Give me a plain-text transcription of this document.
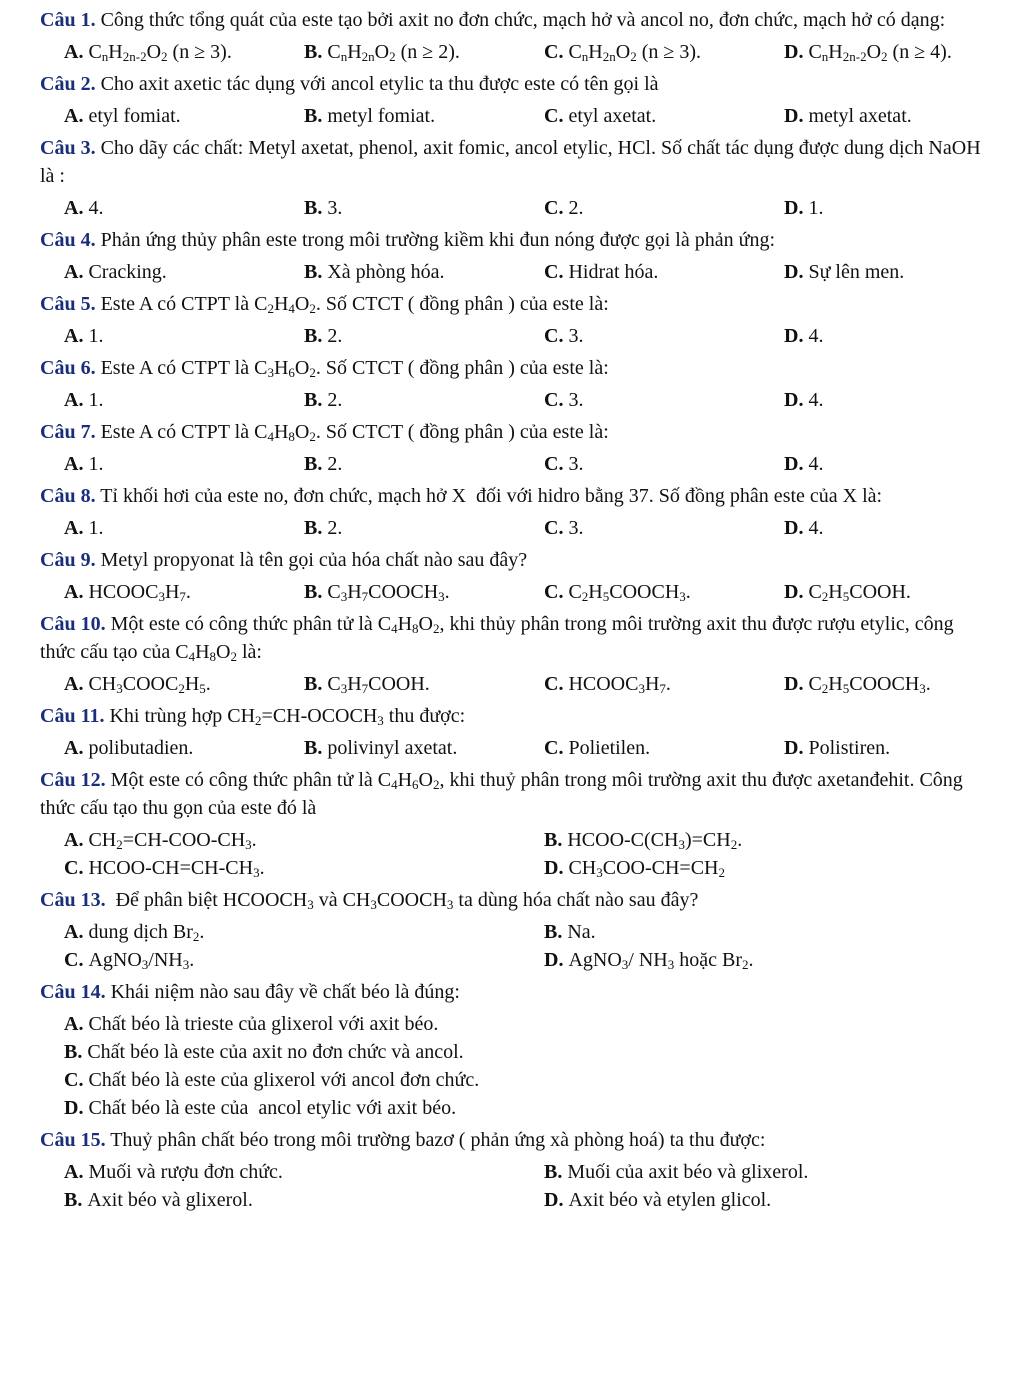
Câu 1. Công thức tổng quát của este tạo bởi axit no đơn chức, mạch hở và ancol no, đơn chức, mạch hở có dạng:

A. $C_nH_{2n-2}O_2$ (n ≥ 3).	B. $C_nH_{2n}O_2$ (n ≥ 2).	C. $C_nH_{2n}O_2$ (n ≥ 3).	D. $C_nH_{2n-2}O_2$ (n ≥ 4).

Câu 2. Cho axit axetic tác dụng với ancol etylic ta thu được este có tên gọi là

A. etyl fomiat.	B. metyl fomiat.	C. etyl axetat.	D. metyl axetat.

Câu 3. Cho dãy các chất: Metyl axetat, phenol, axit fomic, ancol etylic, HCl. Số chất tác dụng được dung dịch NaOH là :

A. 4.	B. 3.	C. 2.	D. 1.

Câu 4. Phản ứng thủy phân este trong môi trường kiềm khi đun nóng được gọi là phản ứng:

A. Cracking.	B. Xà phòng hóa.	C. Hidrat hóa.	D. Sự lên men.

Câu 5. Este A có CTPT là $C_2H_4O_2$. Số CTCT ( đồng phân ) của este là:

A. 1.	B. 2.	C. 3.	D. 4.

Câu 6. Este A có CTPT là $C_3H_6O_2$. Số CTCT ( đồng phân ) của este là:

A. 1.	B. 2.	C. 3.	D. 4.

Câu 7. Este A có CTPT là $C_4H_8O_2$. Số CTCT ( đồng phân ) của este là:

A. 1.	B. 2.	C. 3.	D. 4.

Câu 8. Tỉ khối hơi của este no, đơn chức, mạch hở X  đối với hidro bằng 37. Số đồng phân este của X là:

A. 1.	B. 2.	C. 3.	D. 4.

Câu 9. Metyl propyonat là tên gọi của hóa chất nào sau đây?

A. $HCOOC_3H_7$.	B. $C_3H_7COOCH_3$.	C. $C_2H_5COOCH_3$.	D. $C_2H_5COOH$.

Câu 10. Một este có công thức phân tử là $C_4H_8O_2$, khi thủy phân trong môi trường axit thu được rượu etylic, công thức cấu tạo của $C_4H_8O_2$ là:

A. $CH_3COOC_2H_5$.	B. $C_3H_7COOH$.	C. $HCOOC_3H_7$.	D. $C_2H_5COOCH_3$.

Câu 11. Khi trùng hợp $CH_2=CH-OCOCH_3$ thu được:

A. polibutadien.	B. polivinyl axetat.	C. Polietilen.	D. Polistiren.

Câu 12. Một este có công thức phân tử là $C_4H_6O_2$, khi thuỷ phân trong môi trường axit thu được axetanđehit. Công thức cấu tạo thu gọn của este đó là

A. $CH_2=CH-COO-CH_3$.	B. HCOO-$C(CH_3)=CH_2$.
C. HCOO-$CH=CH-CH_3$.	D. $CH_3COO-CH=CH_2$

Câu 13.  Để phân biệt $HCOOCH_3$ và $CH_3COOCH_3$ ta dùng hóa chất nào sau đây?

A. dung dịch $Br_2$.	B. Na.
C. $AgNO_3/NH_3$.	D. AgNO$_3$/ $NH_3$ hoặc $Br_2$.

Câu 14. Khái niệm nào sau đây về chất béo là đúng:

A. Chất béo là trieste của glixerol với axit béo.
B. Chất béo là este của axit no đơn chức và ancol.
C. Chất béo là este của glixerol với ancol đơn chức.
D. Chất béo là este của  ancol etylic với axit béo.

Câu 15. Thuỷ phân chất béo trong môi trường bazơ ( phản ứng xà phòng hoá) ta thu được:

A. Muối và rượu đơn chức.	B. Muối của axit béo và glixerol.
B. Axit béo và glixerol.	D. Axit béo và etylen glicol.
